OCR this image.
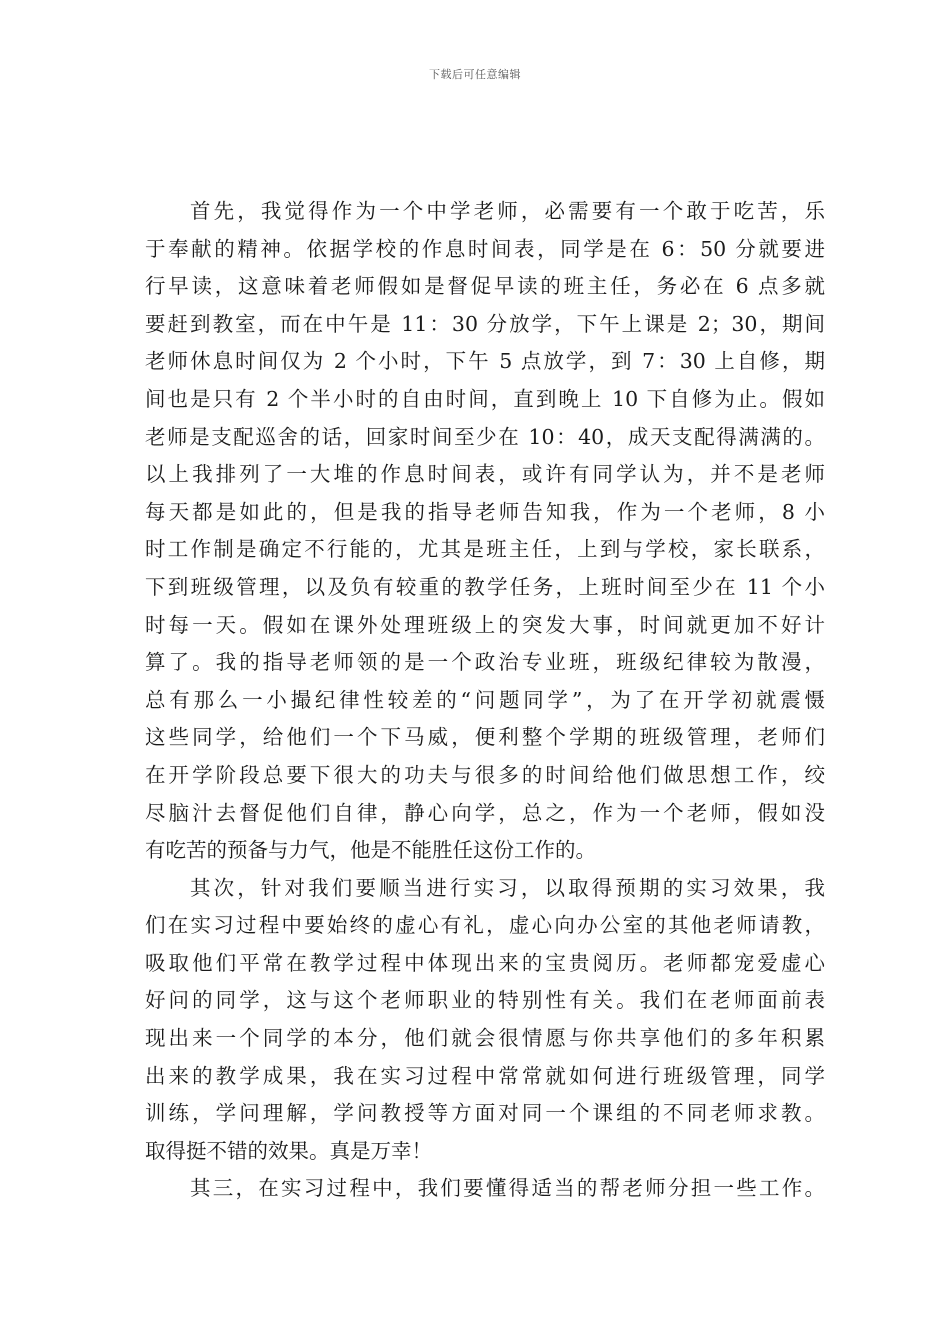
下载后可任意编辑
首先，我觉得作为一个中学老师，必需要有一个敢于吃苦，乐
于奉献的精神。依据学校的作息时间表，同学是在 6：50 分就要进
行早读，这意味着老师假如是督促早读的班主任，务必在 6 点多就
要赶到教室，而在中午是 11：30 分放学，下午上课是 2；30，期间
老师休息时间仅为 2 个小时，下午 5 点放学，到 7：30 上自修，期
间也是只有 2 个半小时的自由时间，直到晚上 10 下自修为止。假如
老师是支配巡舍的话，回家时间至少在 10：40，成天支配得满满的。
以上我排列了一大堆的作息时间表，或许有同学认为，并不是老师
每天都是如此的，但是我的指导老师告知我，作为一个老师，8 小
时工作制是确定不行能的，尤其是班主任，上到与学校，家长联系，
下到班级管理，以及负有较重的教学任务，上班时间至少在 11 个小
时每一天。假如在课外处理班级上的突发大事，时间就更加不好计
算了。我的指导老师领的是一个政治专业班，班级纪律较为散漫，
总有那么一小撮纪律性较差的“问题同学”，为了在开学初就震慑
这些同学，给他们一个下马威，便利整个学期的班级管理，老师们
在开学阶段总要下很大的功夫与很多的时间给他们做思想工作，绞
尽脑汁去督促他们自律，静心向学，总之，作为一个老师，假如没
有吃苦的预备与力气，他是不能胜任这份工作的。
其次，针对我们要顺当进行实习，以取得预期的实习效果，我
们在实习过程中要始终的虚心有礼，虚心向办公室的其他老师请教，
吸取他们平常在教学过程中体现出来的宝贵阅历。老师都宠爱虚心
好问的同学，这与这个老师职业的特别性有关。我们在老师面前表
现出来一个同学的本分，他们就会很情愿与你共享他们的多年积累
出来的教学成果，我在实习过程中常常就如何进行班级管理，同学
训练，学问理解，学问教授等方面对同一个课组的不同老师求教。
取得挺不错的效果。真是万幸！
其三，在实习过程中，我们要懂得适当的帮老师分担一些工作。
